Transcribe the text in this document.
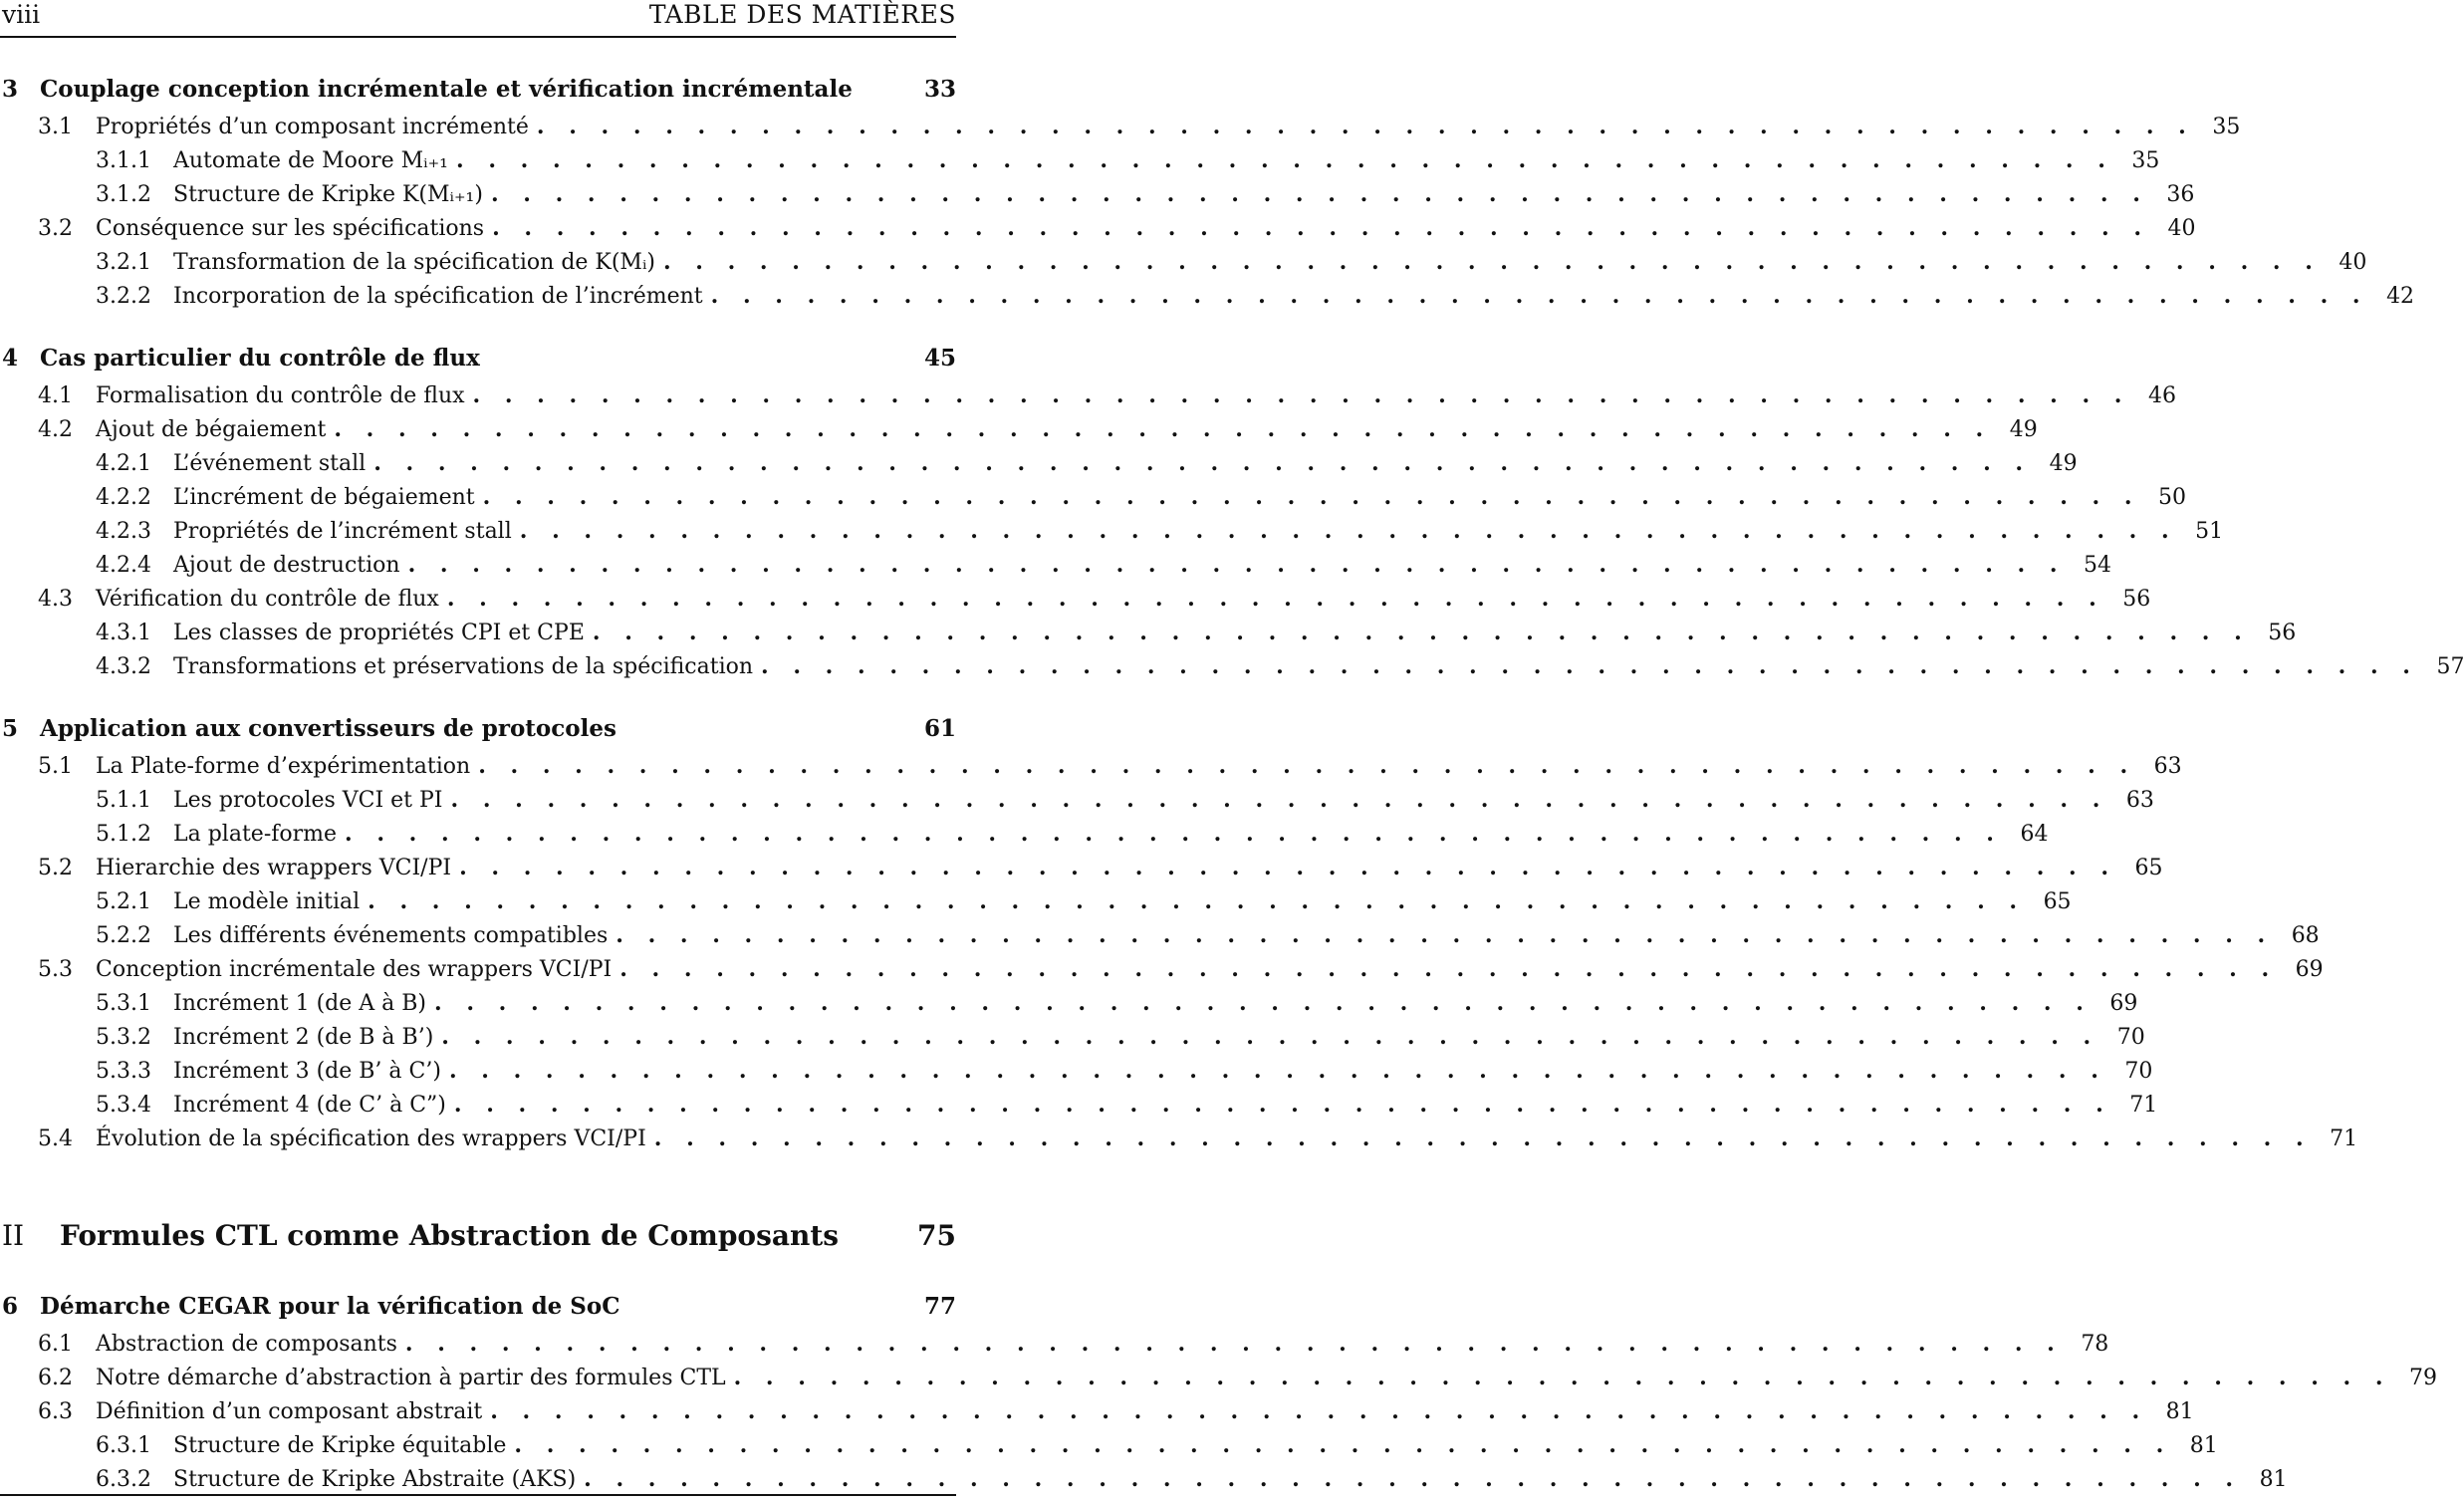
viii	TABLE DES MATIÈRES
3 Couplage conception incrémentale et vérification incrémentale	33
3.1	Propriétés d’un composant incrémenté . . . . . . . . . . . . . . . . . . . . . . . . . . . . . . . . . . . . . . . . . . . . . . . . . . . . 35
3.1.1	Automate de Moore Mᵢ₊₁ . . . . . . . . . . . . . . . . . . . . . . . . . . . . . . . . . . . . . . . . . . . . . . . . . . . . 35
3.1.2	Structure de Kripke K(Mᵢ₊₁) . . . . . . . . . . . . . . . . . . . . . . . . . . . . . . . . . . . . . . . . . . . . . . . . . . . . 36
3.2	Conséquence sur les spécifications . . . . . . . . . . . . . . . . . . . . . . . . . . . . . . . . . . . . . . . . . . . . . . . . . . . . 40
3.2.1	Transformation de la spécification de K(Mᵢ) . . . . . . . . . . . . . . . . . . . . . . . . . . . . . . . . . . . . . . . . . . . . . . . . . . . . 40
3.2.2	Incorporation de la spécification de l’incrément . . . . . . . . . . . . . . . . . . . . . . . . . . . . . . . . . . . . . . . . . . . . . . . . . . . . 42
4 Cas particulier du contrôle de flux	45
4.1	Formalisation du contrôle de flux . . . . . . . . . . . . . . . . . . . . . . . . . . . . . . . . . . . . . . . . . . . . . . . . . . . . 46
4.2	Ajout de bégaiement . . . . . . . . . . . . . . . . . . . . . . . . . . . . . . . . . . . . . . . . . . . . . . . . . . . . 49
4.2.1	L’événement stall . . . . . . . . . . . . . . . . . . . . . . . . . . . . . . . . . . . . . . . . . . . . . . . . . . . . 49
4.2.2	L’incrément de bégaiement . . . . . . . . . . . . . . . . . . . . . . . . . . . . . . . . . . . . . . . . . . . . . . . . . . . . 50
4.2.3	Propriétés de l’incrément stall . . . . . . . . . . . . . . . . . . . . . . . . . . . . . . . . . . . . . . . . . . . . . . . . . . . . 51
4.2.4	Ajout de destruction . . . . . . . . . . . . . . . . . . . . . . . . . . . . . . . . . . . . . . . . . . . . . . . . . . . . 54
4.3	Vérification du contrôle de flux . . . . . . . . . . . . . . . . . . . . . . . . . . . . . . . . . . . . . . . . . . . . . . . . . . . . 56
4.3.1	Les classes de propriétés CPI et CPE . . . . . . . . . . . . . . . . . . . . . . . . . . . . . . . . . . . . . . . . . . . . . . . . . . . . 56
4.3.2	Transformations et préservations de la spécification . . . . . . . . . . . . . . . . . . . . . . . . . . . . . . . . . . . . . . . . . . . . . . . . . . . . 57
5 Application aux convertisseurs de protocoles	61
5.1	La Plate-forme d’expérimentation . . . . . . . . . . . . . . . . . . . . . . . . . . . . . . . . . . . . . . . . . . . . . . . . . . . . 63
5.1.1	Les protocoles VCI et PI . . . . . . . . . . . . . . . . . . . . . . . . . . . . . . . . . . . . . . . . . . . . . . . . . . . . 63
5.1.2	La plate-forme . . . . . . . . . . . . . . . . . . . . . . . . . . . . . . . . . . . . . . . . . . . . . . . . . . . . 64
5.2	Hierarchie des wrappers VCI/PI . . . . . . . . . . . . . . . . . . . . . . . . . . . . . . . . . . . . . . . . . . . . . . . . . . . . 65
5.2.1	Le modèle initial . . . . . . . . . . . . . . . . . . . . . . . . . . . . . . . . . . . . . . . . . . . . . . . . . . . . 65
5.2.2	Les différents événements compatibles . . . . . . . . . . . . . . . . . . . . . . . . . . . . . . . . . . . . . . . . . . . . . . . . . . . . 68
5.3	Conception incrémentale des wrappers VCI/PI . . . . . . . . . . . . . . . . . . . . . . . . . . . . . . . . . . . . . . . . . . . . . . . . . . . . 69
5.3.1	Incrément 1 (de A à B) . . . . . . . . . . . . . . . . . . . . . . . . . . . . . . . . . . . . . . . . . . . . . . . . . . . . 69
5.3.2	Incrément 2 (de B à B’) . . . . . . . . . . . . . . . . . . . . . . . . . . . . . . . . . . . . . . . . . . . . . . . . . . . . 70
5.3.3	Incrément 3 (de B’ à C’) . . . . . . . . . . . . . . . . . . . . . . . . . . . . . . . . . . . . . . . . . . . . . . . . . . . . 70
5.3.4	Incrément 4 (de C’ à C”) . . . . . . . . . . . . . . . . . . . . . . . . . . . . . . . . . . . . . . . . . . . . . . . . . . . . 71
5.4	Évolution de la spécification des wrappers VCI/PI . . . . . . . . . . . . . . . . . . . . . . . . . . . . . . . . . . . . . . . . . . . . . . . . . . . . 71
II	Formules CTL comme Abstraction de Composants	75
6 Démarche CEGAR pour la vérification de SoC	77
6.1	Abstraction de composants . . . . . . . . . . . . . . . . . . . . . . . . . . . . . . . . . . . . . . . . . . . . . . . . . . . . 78
6.2	Notre démarche d’abstraction à partir des formules CTL . . . . . . . . . . . . . . . . . . . . . . . . . . . . . . . . . . . . . . . . . . . . . . . . . . . . 79
6.3	Définition d’un composant abstrait . . . . . . . . . . . . . . . . . . . . . . . . . . . . . . . . . . . . . . . . . . . . . . . . . . . . 81
6.3.1	Structure de Kripke équitable . . . . . . . . . . . . . . . . . . . . . . . . . . . . . . . . . . . . . . . . . . . . . . . . . . . . 81
6.3.2	Structure de Kripke Abstraite (AKS) . . . . . . . . . . . . . . . . . . . . . . . . . . . . . . . . . . . . . . . . . . . . . . . . . . . . 81
